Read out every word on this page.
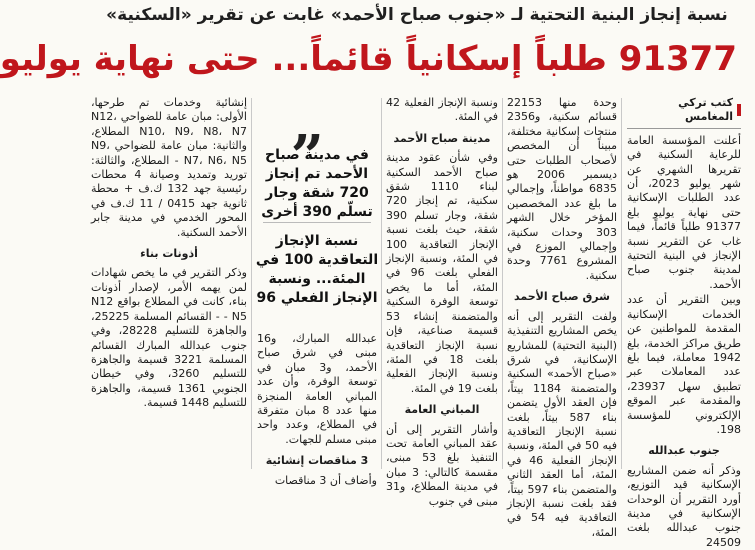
نسبة إنجاز البنية التحتية لـ «جنوب صباح الأحمد» غابت عن تقرير «السكنية»
91377 طلباً إسكانياً قائماً... حتى نهاية يوليو
كتب تركي المغامس

أعلنت المؤسسة العامة للرعاية السكنية في تقريرها الشهري عن شهر يوليو 2023، أن عدد الطلبات الإسكانية حتى نهاية يوليو بلغ 91377 طلباً قائماً، فيما غاب عن التقرير نسبة الإنجاز في البنية التحتية لمدينة جنوب صباح الأحمد.

وبين التقرير أن عدد الخدمات الإسكانية المقدمة للمواطنين عن طريق مراكز الخدمة، بلغ 1942 معاملة، فيما بلغ عدد المعاملات عبر تطبيق سهل 23937، والمقدمة عبر الموقع الإلكتروني للمؤسسة 198.

جنوب عبدالله

وذكر أنه ضمن المشاريع الإسكانية قيد التوزيع، أورد التقرير أن الوحدات الإسكانية في مدينة جنوب عبدالله بلغت 24509

وحدة منها 22153 قسائم سكنية، و2356 منتجات إسكانية مختلفة، مبيناً أن المخصص لأصحاب الطلبات حتى ديسمبر 2006 هو 6835 مواطناً، وإجمالي ما بلغ عدد المخصصين المؤخر خلال الشهر 303 وحدات سكنية، وإجمالي الموزع في المشروع 7761 وحدة سكنية.

شرق صباح الأحمد

ولفت التقرير إلى أنه يخص المشاريع التنفيذية (البنية التحتية) للمشاريع الإسكانية، في شرق «صباح الأحمد» السكنية والمتضمنة 1184 بيتاً، فإن العقد الأول يتضمن بناء 587 بيتاً، بلغت نسبة الإنجاز التعاقدية فيه 50 في المئة، ونسبة الإنجاز الفعلية 46 في المئة، أما العقد الثاني والمتضمن بناء 597 بيتاً، فقد بلغت نسبة الإنجاز التعاقدية فيه 54 في المئة،

ونسبة الإنجاز الفعلية 42 في المئة.

مدينة صباح الأحمد

وفي شأن عقود مدينة صباح الأحمد السكنية لبناء 1110 شقق سكنية، تم إنجاز 720 شقة، وجار تسلم 390 شقة، حيث بلغت نسبة الإنجاز التعاقدية 100 في المئة، ونسبة الإنجاز الفعلي بلغت 96 في المئة، أما ما يخص توسعة الوفرة السكنية والمتضمنة إنشاء 53 قسيمة صناعية، فإن نسبة الإنجاز التعاقدية بلغت 18 في المئة، ونسبة الإنجاز الفعلية بلغت 19 في المئة.

المباني العامة

وأشار التقرير إلى أن عقد المباني العامة تحت التنفيذ بلغ 53 مبنى، مقسمة كالتالي: 3 مبان في مدينة المطلاع، و31 مبنى في جنوب

عبدالله المبارك، و16 مبنى في شرق صباح الأحمد، و3 مبان في توسعة الوفرة، وأن عدد المباني العامة المنجزة منها عدد 8 مبان متفرقة في المطلاع، وعدد واحد مبنى مسلم للجهات.

3 مناقصات إنشائية

وأضاف أن 3 مناقصات

„
في مدينة صباح الأحمد تم إنجاز 720 شقة وجار تسلّم 390 أخرى
نسبة الإنجاز التعاقدية 100 في المئة... ونسبة الإنجاز الفعلي 96

إنشائية وخدمات تم طرحها، الأولى: مبان عامة للضواحي N12، N10، N9، N8، N7 المطلاع، والثانية: مبان عامة للضواحي N9، N7، N6، N5 - المطلاع، والثالثة: توريد وتمديد وصيانة 4 محطات رئيسية جهد 132 ك.ف + محطة ثانوية جهد 0415 / 11 ك.ف في المحور الخدمي في مدينة جابر الأحمد السكنية.

أذونات بناء

وذكر التقرير في ما يخص شهادات لمن يهمه الأمر، لإصدار أذونات بناء، كانت في المطلاع بواقع N12 - N5 - القسائم المسلمة 25225، والجاهزة للتسليم 28228، وفي جنوب عبدالله المبارك القسائم المسلمة 3221 قسيمة والجاهزة للتسليم 3260، وفي خيطان الجنوبي 1361 قسيمة، والجاهزة للتسليم 1448 قسيمة.
